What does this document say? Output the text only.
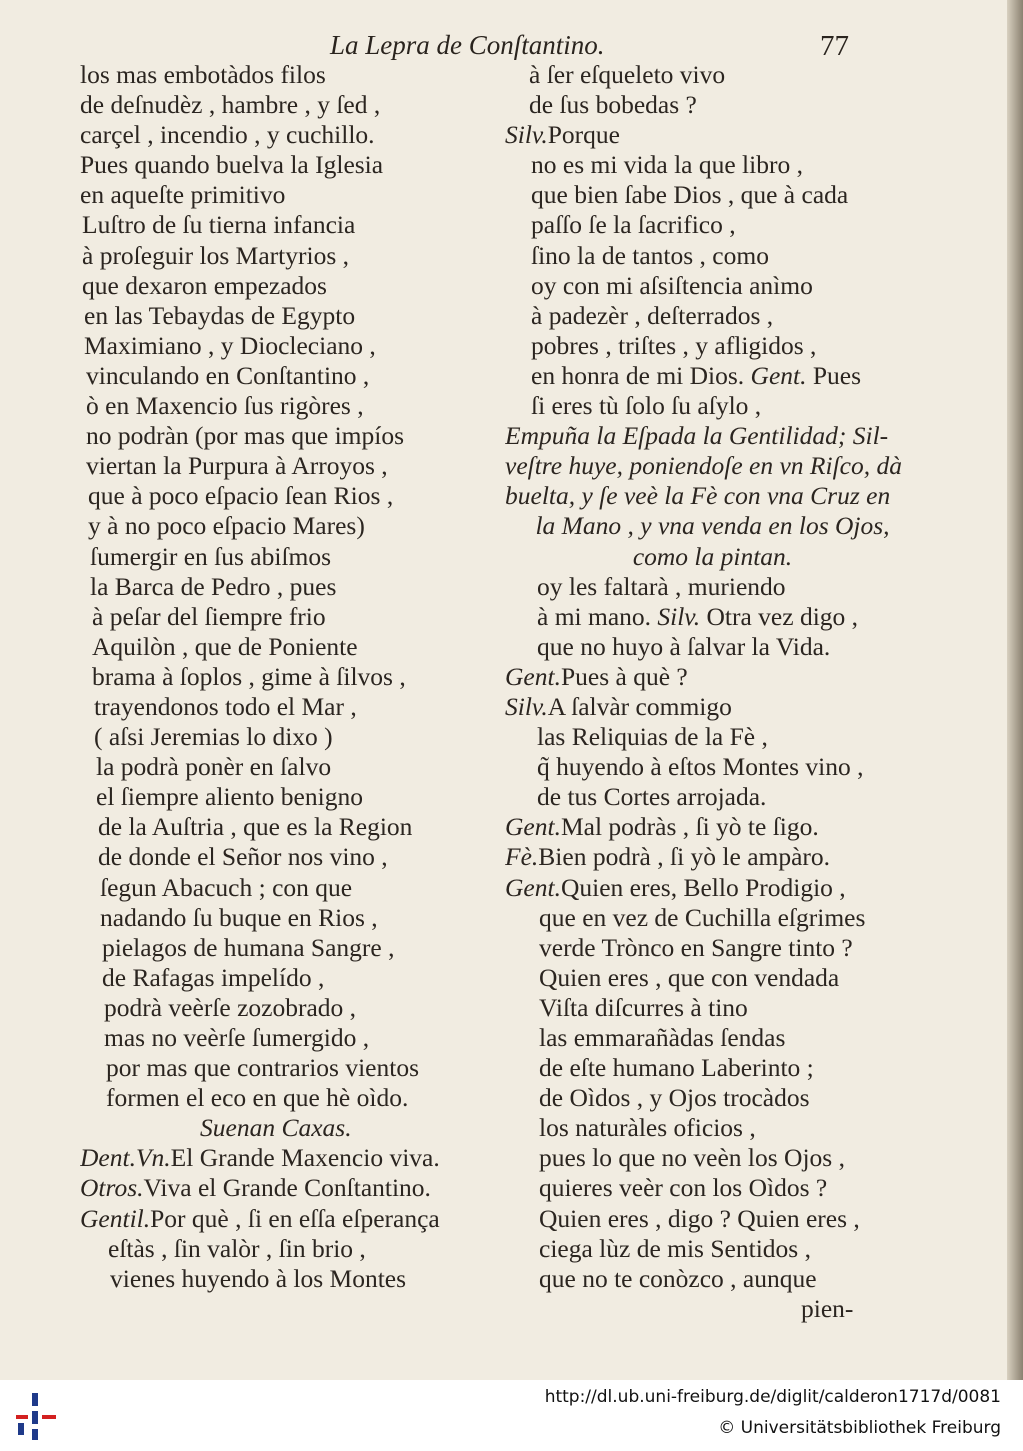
La Lepra de Conſtantino.	77
los mas embotàdos filos
de deſnudèz , hambre , y ſed ,
carçel , incendio , y cuchillo.
Pues quando buelva la Iglesia
en aqueſte primitivo
Luſtro de ſu tierna infancia
à proſeguir los Martyrios ,
que dexaron empezados
en las Tebaydas de Egypto
Maximiano , y Diocleciano ,
vinculando en Conſtantino ,
ò en Maxencio ſus rigòres ,
no podràn (por mas que impíos
viertan la Purpura à Arroyos ,
que à poco eſpacio ſean Rios ,
y à no poco eſpacio Mares)
ſumergir en ſus abiſmos
la Barca de Pedro , pues
à peſar del ſiempre frio
Aquilòn , que de Poniente
brama à ſoplos , gime à ſilvos ,
trayendonos todo el Mar ,
( aſsi Jeremias lo dixo )
la podrà ponèr en ſalvo
el ſiempre aliento benigno
de la Auſtria , que es la Region
de donde el Señor nos vino ,
ſegun Abacuch ; con que
nadando ſu buque en Rios ,
pielagos de humana Sangre ,
de Rafagas impelído ,
podrà veèrſe zozobrado ,
mas no veèrſe ſumergido ,
por mas que contrarios vientos
formen el eco en que hè oìdo.
Suenan Caxas.
Dent.Vn.El Grande Maxencio viva.
Otros.Viva el Grande Conſtantino.
Gentil.Por què , ſi en eſſa eſperança
eſtàs , ſin valòr , ſin brio ,
vienes huyendo à los Montes
à ſer eſqueleto vivo
de ſus bobedas ?
Silv.Porque
no es mi vida la que libro ,
que bien ſabe Dios , que à cada
paſſo ſe la ſacrifico ,
ſino la de tantos , como
oy con mi aſsiſtencia anìmo
à padezèr , deſterrados ,
pobres , triſtes , y afligidos ,
en honra de mi Dios. Gent. Pues
ſi eres tù ſolo ſu aſylo ,
Empuña la Eſpada la Gentilidad; Sil-
veſtre huye, poniendoſe en vn Riſco, dà
buelta, y ſe veè la Fè con vna Cruz en
la Mano , y vna venda en los Ojos,
como la pintan.
oy les faltarà , muriendo
à mi mano. Silv. Otra vez digo ,
que no huyo à ſalvar la Vida.
Gent.Pues à què ?
Silv.A ſalvàr commigo
las Reliquias de la Fè ,
q̃ huyendo à eſtos Montes vino ,
de tus Cortes arrojada.
Gent.Mal podràs , ſi yò te ſigo.
Fè.Bien podrà , ſi yò le ampàro.
Gent.Quien eres, Bello Prodigio ,
que en vez de Cuchilla eſgrimes
verde Trònco en Sangre tinto ?
Quien eres , que con vendada
Viſta diſcurres à tino
las emmarañàdas ſendas
de eſte humano Laberinto ;
de Oìdos , y Ojos trocàdos
los naturàles oficios ,
pues lo que no veèn los Ojos ,
quieres veèr con los Oìdos ?
Quien eres , digo ? Quien eres ,
ciega lùz de mis Sentidos ,
que no te conòzco , aunque
pien-
http://dl.ub.uni-freiburg.de/diglit/calderon1717d/0081
© Universitätsbibliothek Freiburg
